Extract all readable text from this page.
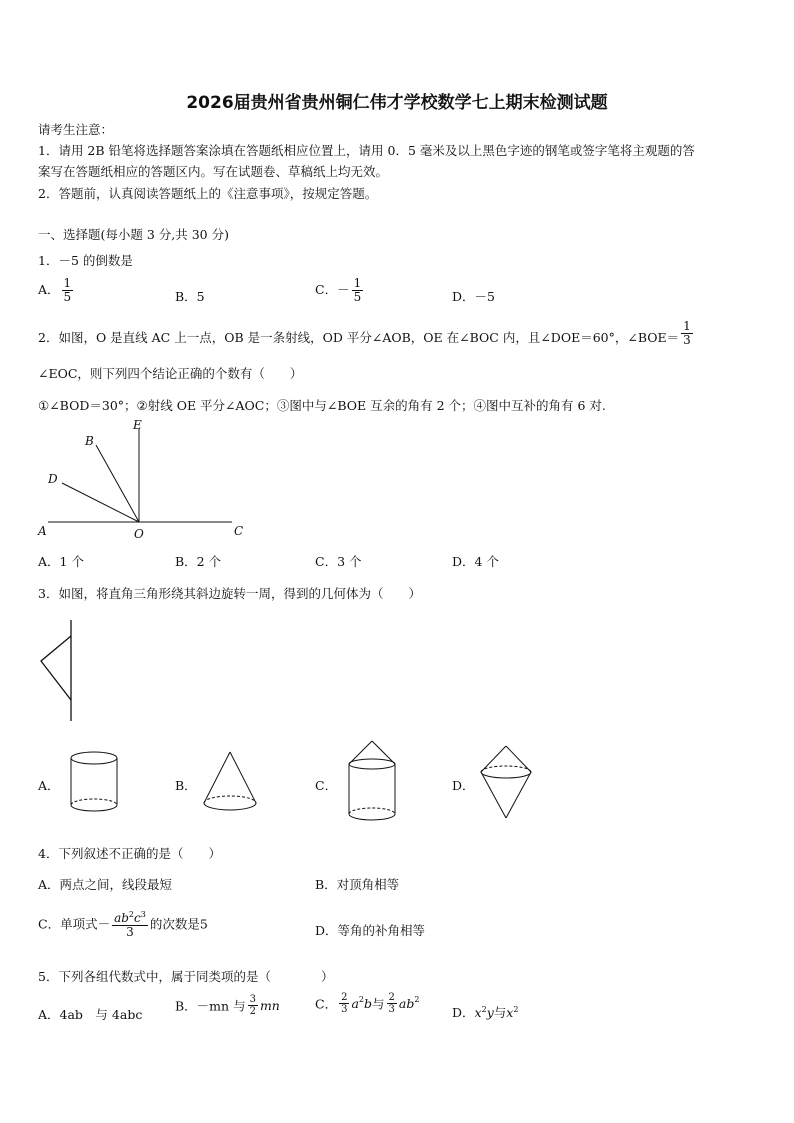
2026届贵州省贵州铜仁伟才学校数学七上期末检测试题
请考生注意：
1．请用 2B 铅笔将选择题答案涂填在答题纸相应位置上，请用 0．5 毫米及以上黑色字迹的钢笔或签字笔将主观题的答
案写在答题纸相应的答题区内。写在试题卷、草稿纸上均无效。
2．答题前，认真阅读答题纸上的《注意事项》，按规定答题。
一、选择题(每小题 3 分,共 30 分)
1．－5 的倒数是
A． $\frac{1}{5}$	B．5	C．－ $\frac{1}{5}$	D．－5
2．如图，O 是直线 AC 上一点，OB 是一条射线，OD 平分∠AOB，OE 在∠BOC 内，且∠DOE＝60°，∠BOE＝ $\frac{1}{3}$
∠EOC，则下列四个结论正确的个数有（　　）
①∠BOD＝30°；②射线 OE 平分∠AOC；③图中与∠BOE 互余的角有 2 个；④图中互补的角有 6 对.
A
B
C
D
E
O
A．1 个	B．2 个	C．3 个	D．4 个
3．如图，将直角三角形绕其斜边旋转一周，得到的几何体为（　　）
A．	B．	C．	D．
4．下列叙述不正确的是（　　）
A．两点之间，线段最短	B．对顶角相等
C．单项式－ $\frac{ab^2c^3}{3}$ 的次数是5	D．等角的补角相等
5．下列各组代数式中，属于同类项的是（　　　　）
A．4ab　与 4abc
B．－mn 与 $\frac{3}{2}$ mn	C． $\frac{2}{3} a^2b$与 $\frac{2}{3} ab^2$
D．$x^2y$与$x^2$
